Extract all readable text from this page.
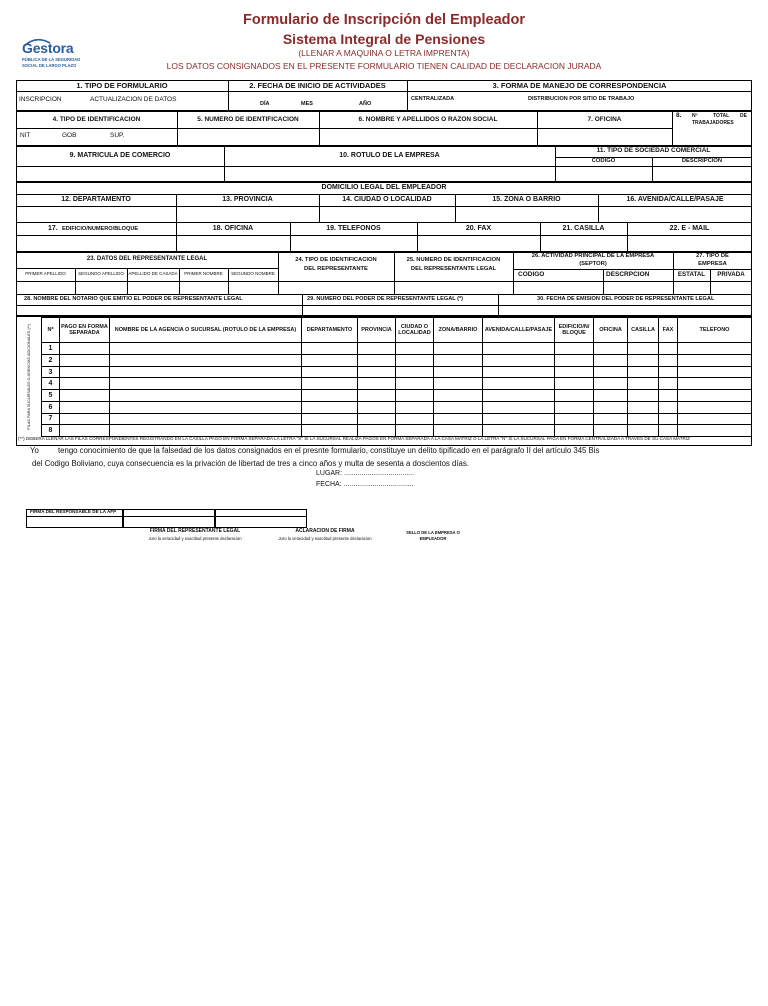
Formulario de Inscripción del Empleador
Sistema Integral de Pensiones
(LLENAR A MAQUINA O LETRA IMPRENTA)
LOS DATOS CONSIGNADOS EN EL PRESENTE FORMULARIO TIENEN CALIDAD DE DECLARACION JURADA
Gestora
PÚBLICA DE LA SEGURIDAD
SOCIAL DE LARGO PLAZO
1. TIPO DE FORMULARIO
INSCRIPCION	ACTUALIZACION DE DATOS
2. FECHA DE INICIO DE ACTIVIDADES
DÍA	MES	AÑO
3. FORMA DE MANEJO DE CORRESPONDENCIA
CENTRALIZADA	DISTRIBUCION POR SITIO DE TRABAJO
4. TIPO DE IDENTIFICACION
NIT	GOB	SUP.
5. NUMERO DE IDENTIFICACION	6. NOMBRE Y APELLIDOS O RAZON SOCIAL	7. OFICINA
8. Nº	TOTAL DE
TRABAJADORES
9. MATRICULA DE COMERCIO	10. ROTULO DE LA EMPRESA
11. TIPO DE SOCIEDAD COMERCIAL
CODIGO	DESCRIPCION
DOMICILIO LEGAL DEL EMPLEADOR
12. DEPARTAMENTO	13. PROVINCIA	14. CIUDAD O LOCALIDAD	15. ZONA O BARRIO	16. AVENIDA/CALLE/PASAJE
17. EDIFICIO/NUMERO/BLOQUE	18. OFICINA	19. TELEFONOS	20. FAX	21. CASILLA	22. E - MAIL
23. DATOS DEL REPRESENTANTE LEGAL
PRIMER APELLIDO	SEGUNDO APELLIDO APELLIDO DE CASADA	PRIMER NOMBRE	SEGUNDO NOMBRE
24. TIPO DE IDENTIFICACION
DEL REPRESENTANTE
25. NUMERO DE IDENTIFICACION
DEL REPRESENTANTE LEGAL
26. ACTIVIDAD PRINCIPAL DE LA EMPRESA
(SEPTOR)
CODIGO	DESCRPCION
27. TIPO DE
EMPRESA
ESTATAL	PRIVADA
28. NOMBRE DEL NOTARIO QUE EMITIO EL PODER DE REPRESENTANTE LEGAL	29. NUMERO DEL PODER DE REPRESENTANTE LEGAL (*)	30. FECHA DE EMISION DEL PODER DE REPRESENTANTE LEGAL
FILAS PARA SUCURSALES O AGENCIAS ADICIONALES (**)	Nº	PAGO EN FORMA SEPARADA	NOMBRE DE LA AGENCIA O SUCURSAL (ROTULO DE LA EMPRESA)	DEPARTAMENTO	PROVINCIA	CIUDAD O LOCALIDAD	ZONA/BARRIO	AVENIDA/CALLE/PASAJE	EDIFICIO/N/ BLOQUE	OFICINA	CASILLA	FAX	TELEFONO
1												
2												
3												
4												
5												
6												
7												
8												
(**) DEBERA LLENAR LAS FILAS CORRESPONDIENTES REGISTRANDO EN LA CASILLA PAGO EN FORMA SEPARADA LA LETRA "S" SI LA SUCURSAL REALIZA PAGOS EN FORMA SEPARADA A LA CASA MATRIZ O LA LETRA "N" SI LA SUCURSAL PAGA EN FORMA CENTRALIZADA A TRAVES DE SU CASA MATRIZ
Yo tengo conocimiento de que la falsedad de los datos consignados en el presnte formulario, constituye un delito tipificado en el parágrafo II del artículo 345 Bis
del Codigo Boliviano, cuya consecuencia es la privación de libertad de tres a cinco años y multa de sesenta a doscientos días.
LUGAR: ....................................
FECHA: ....................................
FIRMA DEL RESPONSABLE DE LA AFP
FIRMA DEL REPRESENTANTE LEGAL
Juro la veracidad y exactitud presente declaracion
ACLARACION DE FIRMA
Juro la veracidad y exactitud presente declaracion
SELLO DE LA EMPRESA O
EMPLEADOR
